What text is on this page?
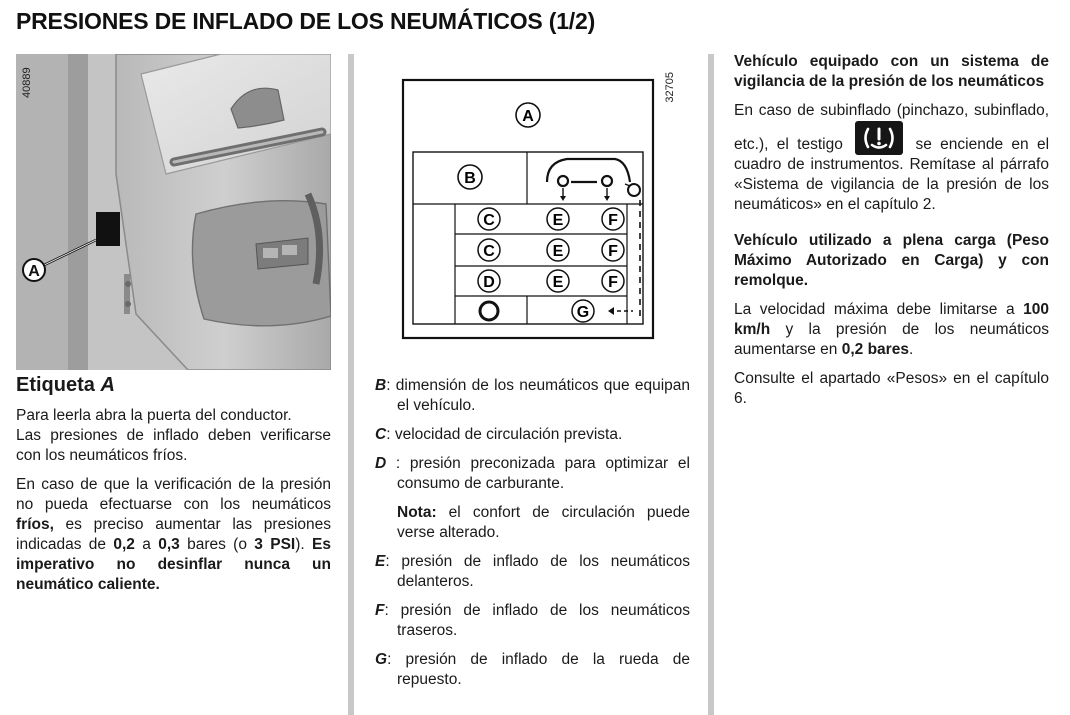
PRESIONES DE INFLADO DE LOS NEUMÁTICOS (1/2)
A
40889	32705
A
B
C	E	F
C	E	F
D	E	F
G
Etiqueta A

Para leerla abra la puerta del conductor.

Las presiones de inflado deben verificarse con los neumáticos fríos.

En caso de que la verificación de la presión no pueda efectuarse con los neumáticos fríos, es preciso aumentar las presiones indicadas de 0,2 a 0,3 bares (o 3 PSI). Es imperativo no desinflar nunca un neumático caliente.

B: dimensión de los neumáticos que equipan el vehículo.

C: velocidad de circulación prevista.

D : presión preconizada para optimizar el consumo de carburante.

Nota: el confort de circulación puede verse alterado.

E: presión de inflado de los neumáticos delanteros.

F: presión de inflado de los neumáticos traseros.

G: presión de inflado de la rueda de repuesto.

Vehículo equipado con un sistema de vigilancia de la presión de los neumáticos

En caso de subinflado (pinchazo, subinflado, etc.), el testigo	se enciende en el cuadro de instrumentos. Remítase al párrafo «Sistema de vigilancia de la presión de los neumáticos» en el capítulo 2.

Vehículo utilizado a plena carga (Peso Máximo Autorizado en Carga) y con remolque.

La velocidad máxima debe limitarse a 100 km/h y la presión de los neumáticos aumentarse en 0,2 bares.

Consulte el apartado «Pesos» en el capítulo 6.
